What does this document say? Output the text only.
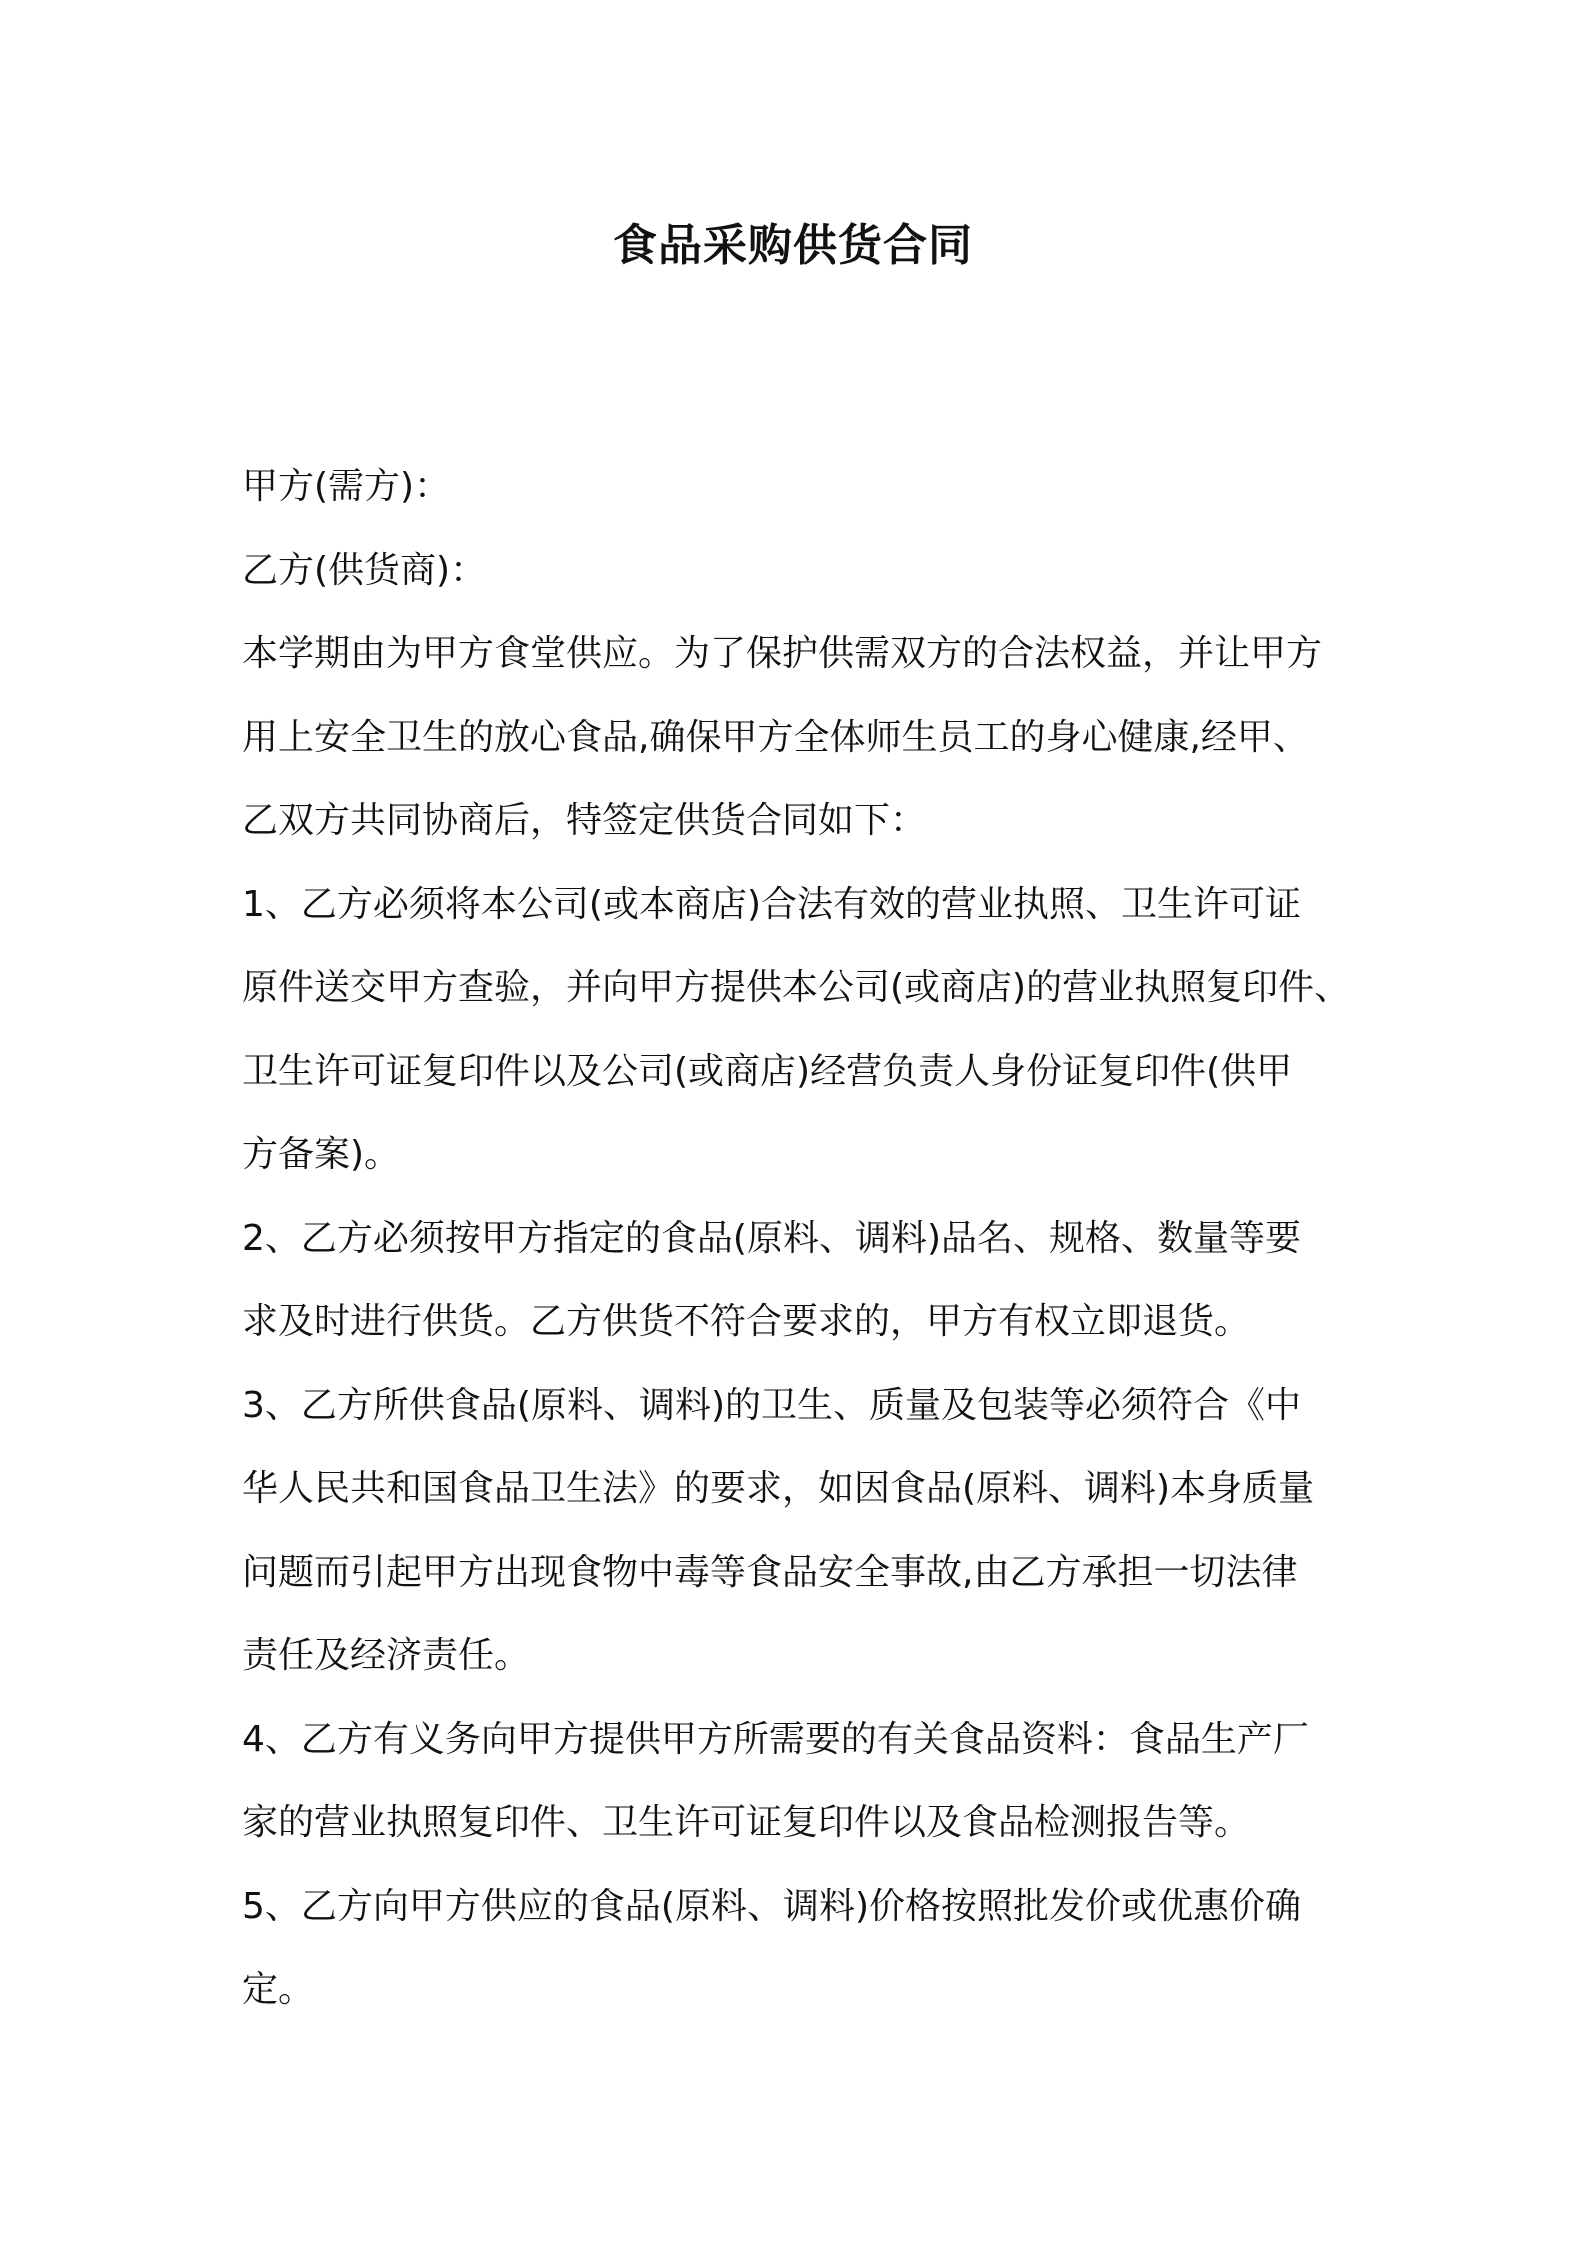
食品采购供货合同

甲方(需方)：

乙方(供货商)：

本学期由为甲方食堂供应。为了保护供需双方的合法权益，并让甲方

用上安全卫生的放心食品,确保甲方全体师生员工的身心健康,经甲、

乙双方共同协商后，特签定供货合同如下：

1、乙方必须将本公司(或本商店)合法有效的营业执照、卫生许可证

原件送交甲方查验，并向甲方提供本公司(或商店)的营业执照复印件、

卫生许可证复印件以及公司(或商店)经营负责人身份证复印件(供甲

方备案)。

2、乙方必须按甲方指定的食品(原料、调料)品名、规格、数量等要

求及时进行供货。乙方供货不符合要求的，甲方有权立即退货。

3、乙方所供食品(原料、调料)的卫生、质量及包装等必须符合《中

华人民共和国食品卫生法》的要求，如因食品(原料、调料)本身质量

问题而引起甲方出现食物中毒等食品安全事故,由乙方承担一切法律

责任及经济责任。

4、乙方有义务向甲方提供甲方所需要的有关食品资料：食品生产厂

家的营业执照复印件、卫生许可证复印件以及食品检测报告等。

5、乙方向甲方供应的食品(原料、调料)价格按照批发价或优惠价确

定。
